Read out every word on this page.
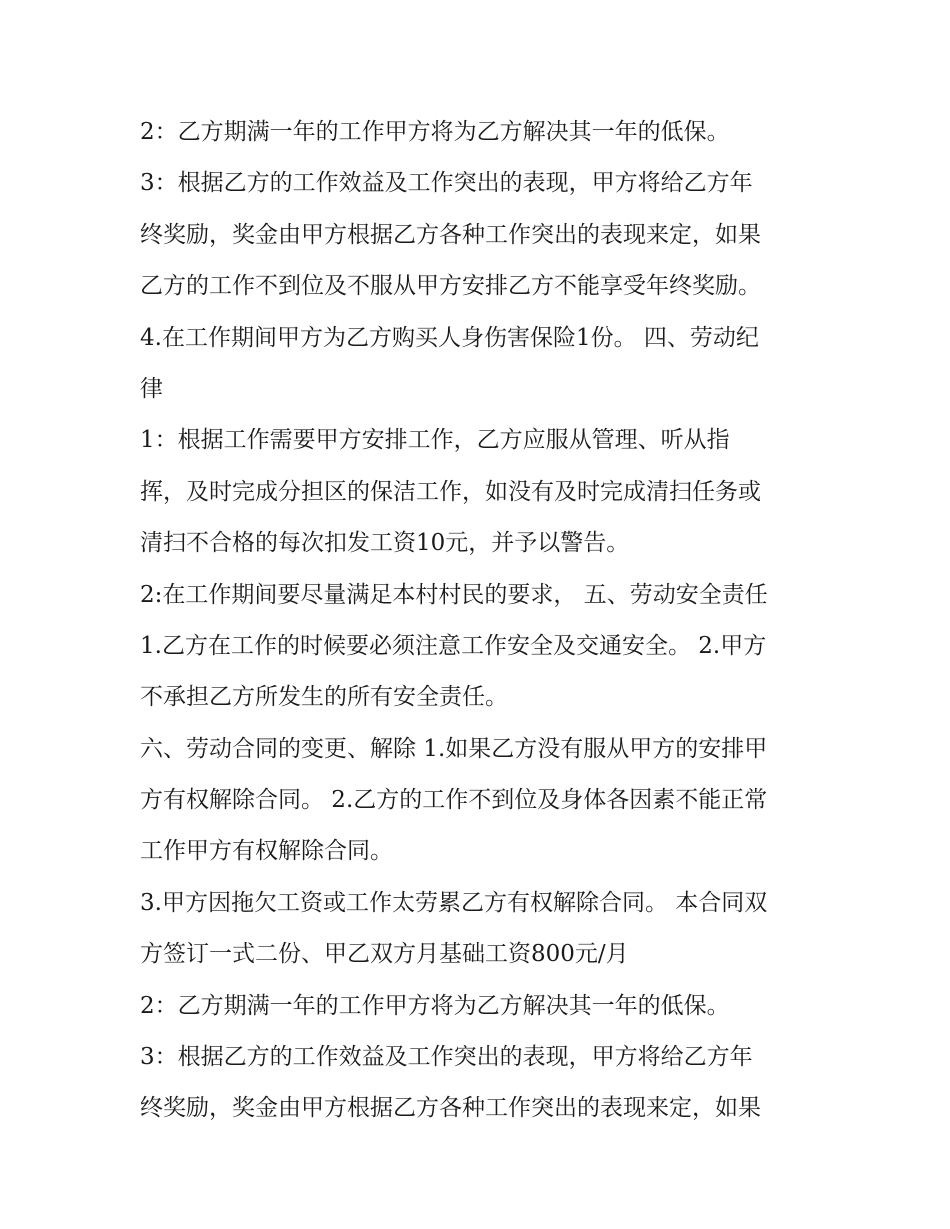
2：乙方期满一年的工作甲方将为乙方解决其一年的低保。
3：根据乙方的工作效益及工作突出的表现，甲方将给乙方年
终奖励，奖金由甲方根据乙方各种工作突出的表现来定，如果
乙方的工作不到位及不服从甲方安排乙方不能享受年终奖励。
4.在工作期间甲方为乙方购买人身伤害保险1份。 四、劳动纪
律
1：根据工作需要甲方安排工作，乙方应服从管理、听从指
挥，及时完成分担区的保洁工作，如没有及时完成清扫任务或
清扫不合格的每次扣发工资10元，并予以警告。
2:在工作期间要尽量满足本村村民的要求， 五、劳动安全责任
1.乙方在工作的时候要必须注意工作安全及交通安全。 2.甲方
不承担乙方所发生的所有安全责任。
六、劳动合同的变更、解除 1.如果乙方没有服从甲方的安排甲
方有权解除合同。 2.乙方的工作不到位及身体各因素不能正常
工作甲方有权解除合同。
3.甲方因拖欠工资或工作太劳累乙方有权解除合同。 本合同双
方签订一式二份、甲乙双方月基础工资800元/月
2：乙方期满一年的工作甲方将为乙方解决其一年的低保。
3：根据乙方的工作效益及工作突出的表现，甲方将给乙方年
终奖励，奖金由甲方根据乙方各种工作突出的表现来定，如果
